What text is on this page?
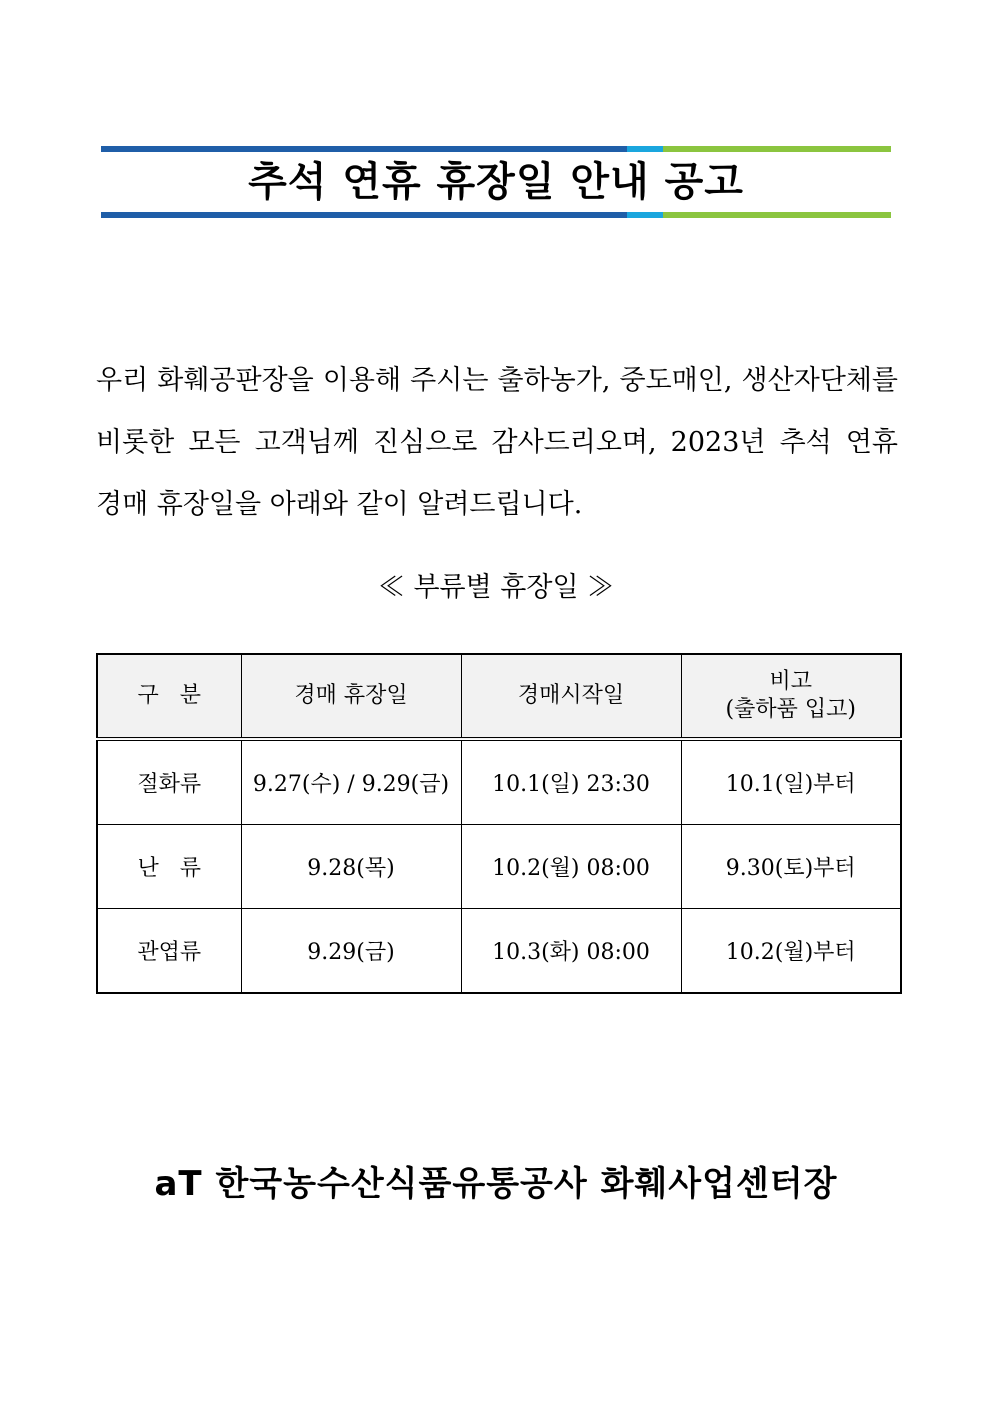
추석 연휴 휴장일 안내 공고
우리 화훼공판장을 이용해 주시는 출하농가, 중도매인, 생산자단체를
비롯한 모든 고객님께 진심으로 감사드리오며, 2023년 추석 연휴
경매 휴장일을 아래와 같이 알려드립니다.
≪ 부류별 휴장일 ≫
구   분	경매 휴장일	경매시작일	비고
(출하품 입고)

절화류	9.27(수) / 9.29(금)	10.1(일) 23:30	10.1(일)부터
난   류	9.28(목)	10.2(월) 08:00	9.30(토)부터
관엽류	9.29(금)	10.3(화) 08:00	10.2(월)부터
aT 한국농수산식품유통공사 화훼사업센터장
